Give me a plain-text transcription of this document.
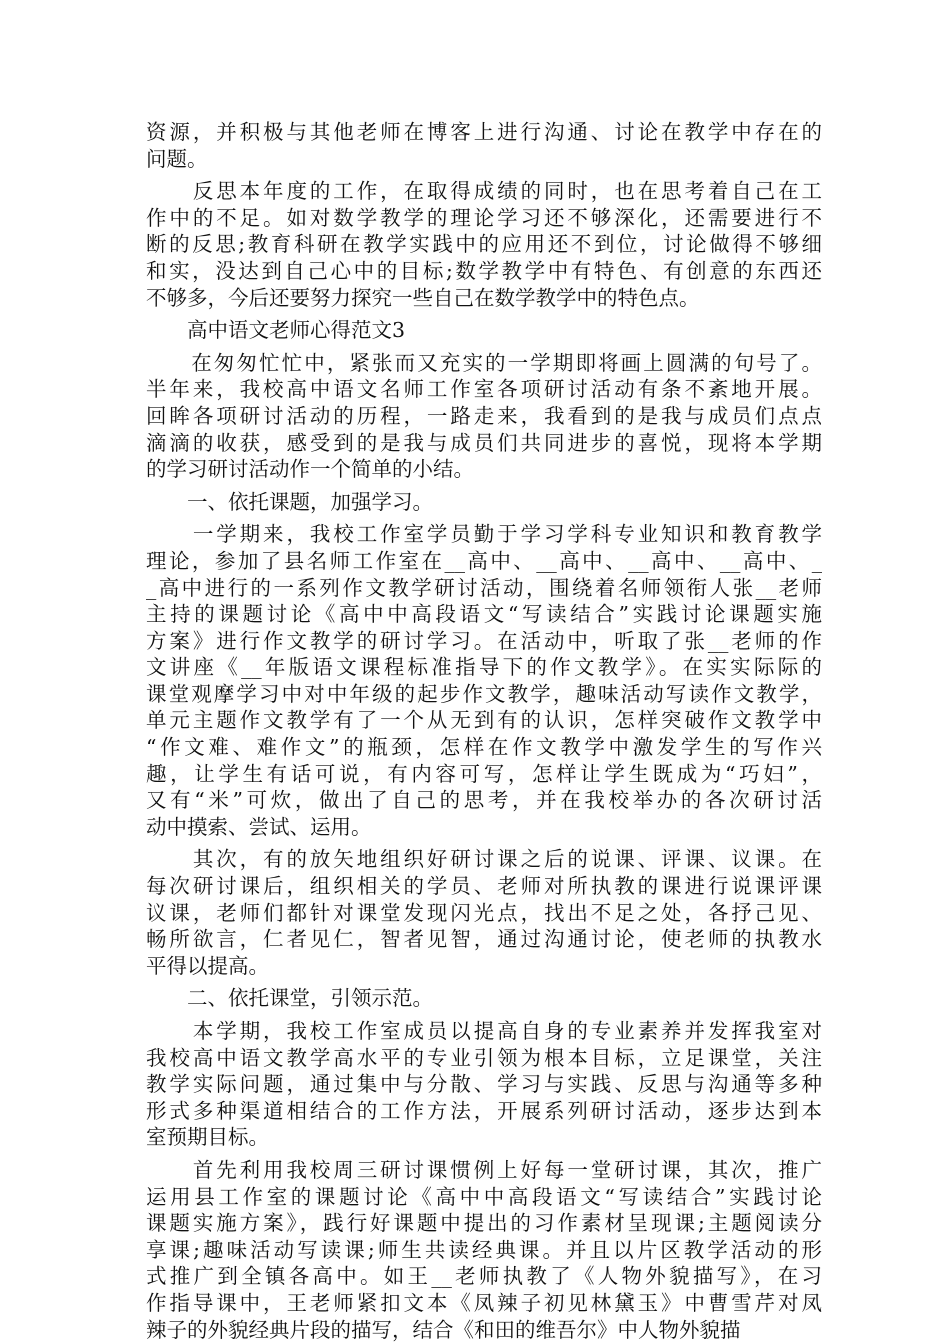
资源，并积极与其他老师在博客上进行沟通、讨论在教学中存在的
问题。
　　反思本年度的工作，在取得成绩的同时，也在思考着自己在工
作中的不足。如对数学教学的理论学习还不够深化，还需要进行不
断的反思;教育科研在教学实践中的应用还不到位，讨论做得不够细
和实，没达到自己心中的目标;数学教学中有特色、有创意的东西还
不够多，今后还要努力探究一些自己在数学教学中的特色点。
　　高中语文老师心得范文3
　　在匆匆忙忙中，紧张而又充实的一学期即将画上圆满的句号了。
半年来，我校高中语文名师工作室各项研讨活动有条不紊地开展。
回眸各项研讨活动的历程，一路走来，我看到的是我与成员们点点
滴滴的收获，感受到的是我与成员们共同进步的喜悦，现将本学期
的学习研讨活动作一个简单的小结。
　　一、依托课题，加强学习。
　　一学期来，我校工作室学员勤于学习学科专业知识和教育教学
理论，参加了县名师工作室在__高中、__高中、__高中、__高中、_
_高中进行的一系列作文教学研讨活动，围绕着名师领衔人张__老师
主持的课题讨论《高中中高段语文“写读结合”实践讨论课题实施
方案》进行作文教学的研讨学习。在活动中，听取了张__老师的作
文讲座《__年版语文课程标准指导下的作文教学》。在实实际际的
课堂观摩学习中对中年级的起步作文教学，趣味活动写读作文教学，
单元主题作文教学有了一个从无到有的认识，怎样突破作文教学中
“作文难、难作文”的瓶颈，怎样在作文教学中激发学生的写作兴
趣，让学生有话可说，有内容可写，怎样让学生既成为“巧妇”，
又有“米”可炊，做出了自己的思考，并在我校举办的各次研讨活
动中摸索、尝试、运用。
　　其次，有的放矢地组织好研讨课之后的说课、评课、议课。在
每次研讨课后，组织相关的学员、老师对所执教的课进行说课评课
议课，老师们都针对课堂发现闪光点，找出不足之处，各抒己见、
畅所欲言，仁者见仁，智者见智，通过沟通讨论，使老师的执教水
平得以提高。
　　二、依托课堂，引领示范。
　　本学期，我校工作室成员以提高自身的专业素养并发挥我室对
我校高中语文教学高水平的专业引领为根本目标，立足课堂，关注
教学实际问题，通过集中与分散、学习与实践、反思与沟通等多种
形式多种渠道相结合的工作方法，开展系列研讨活动，逐步达到本
室预期目标。
　　首先利用我校周三研讨课惯例上好每一堂研讨课，其次，推广
运用县工作室的课题讨论《高中中高段语文“写读结合”实践讨论
课题实施方案》，践行好课题中提出的习作素材呈现课;主题阅读分
享课;趣味活动写读课;师生共读经典课。并且以片区教学活动的形
式推广到全镇各高中。如王__老师执教了《人物外貌描写》，在习
作指导课中，王老师紧扣文本《凤辣子初见林黛玉》中曹雪芹对凤
辣子的外貌经典片段的描写，结合《和田的维吾尔》中人物外貌描
